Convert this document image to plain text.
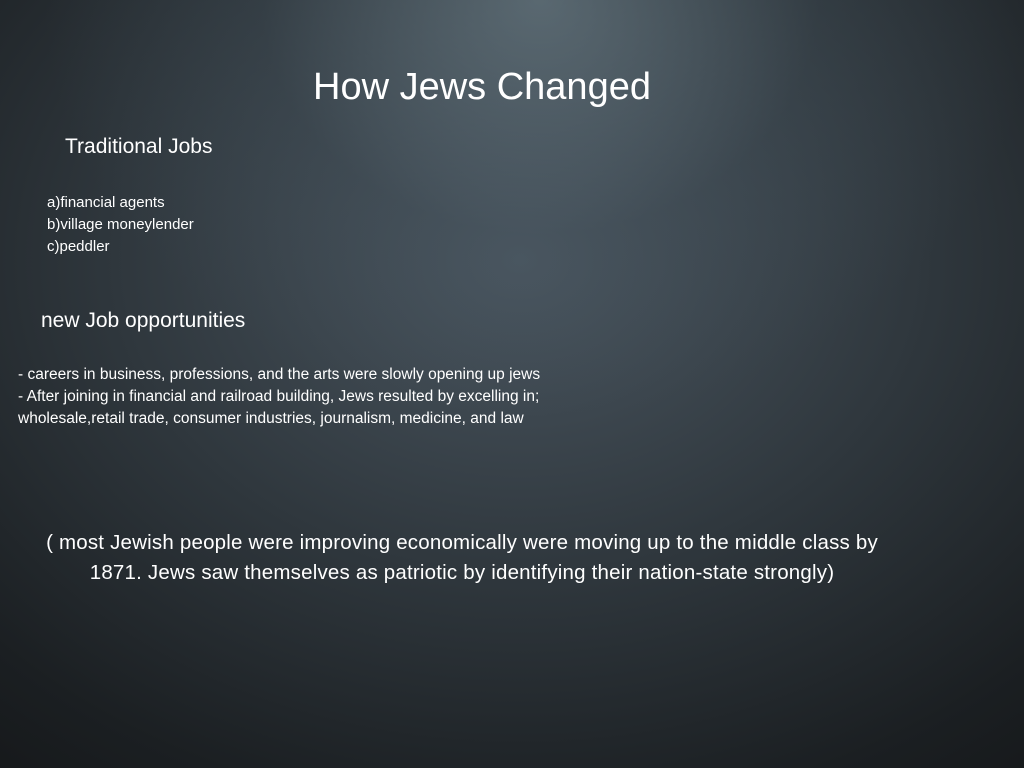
How Jews Changed
Traditional Jobs
a)financial agents
b)village moneylender
c)peddler
new Job opportunities
- careers in business, professions, and the arts were slowly opening up jews
- After joining in financial and railroad building, Jews resulted by excelling in;
wholesale,retail trade, consumer industries, journalism, medicine, and law
( most Jewish people were improving economically were moving up to the middle class by 1871. Jews saw themselves as patriotic by identifying their nation-state strongly)
